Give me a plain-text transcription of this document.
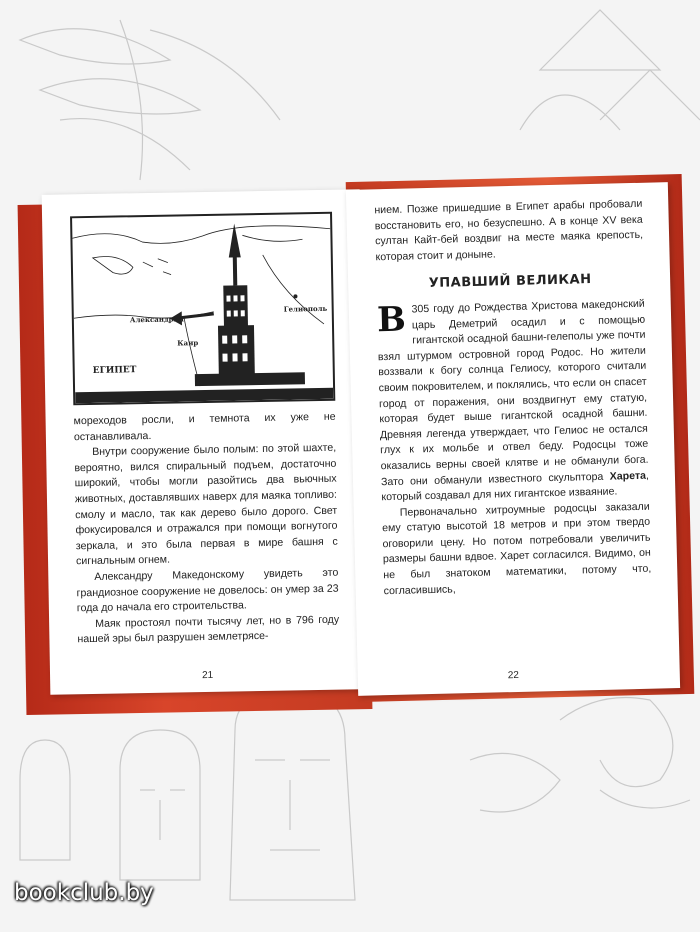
Александрия
Каир
Гелиополь
ЕГИПЕТ

мореходов росли, и темнота их уже не останавливала.

Внутри сооружение было полым: по этой шахте, вероятно, вился спиральный подъем, достаточно широкий, чтобы могли разойтись два вьючных животных, доставлявших наверх для маяка топливо: смолу и масло, так как дерево было дорого. Свет фокусировался и отражался при помощи вогнутого зеркала, и это была первая в мире башня с сигнальным огнем.

Александру Македонскому увидеть это грандиозное сооружение не довелось: он умер за 23 года до начала его строительства.

Маяк простоял почти тысячу лет, но в 796 году нашей эры был разрушен землетрясе-

21

нием. Позже пришедшие в Египет арабы пробовали восстановить его, но безуспешно. А в конце XV века султан Кайт-бей воздвиг на месте маяка крепость, которая стоит и доныне.

УПАВШИЙ ВЕЛИКАН

В 305 году до Рождества Христова македонский царь Деметрий осадил и с помощью гигантской осадной башни-гелеполы уже почти взял штурмом островной город Родос. Но жители воззвали к богу солнца Гелиосу, которого считали своим покровителем, и поклялись, что если он спасет город от поражения, они воздвигнут ему статую, которая будет выше гигантской осадной башни. Древняя легенда утверждает, что Гелиос не остался глух к их мольбе и отвел беду. Родосцы тоже оказались верны своей клятве и не обманули бога. Зато они обманули известного скульптора Харета, который создавал для них гигантское изваяние.

Первоначально хитроумные родосцы заказали ему статую высотой 18 метров и при этом твердо оговорили цену. Но потом потребовали увеличить размеры башни вдвое. Харет согласился. Видимо, он не был знатоком математики, потому что, согласившись,

22
bookclub.by
